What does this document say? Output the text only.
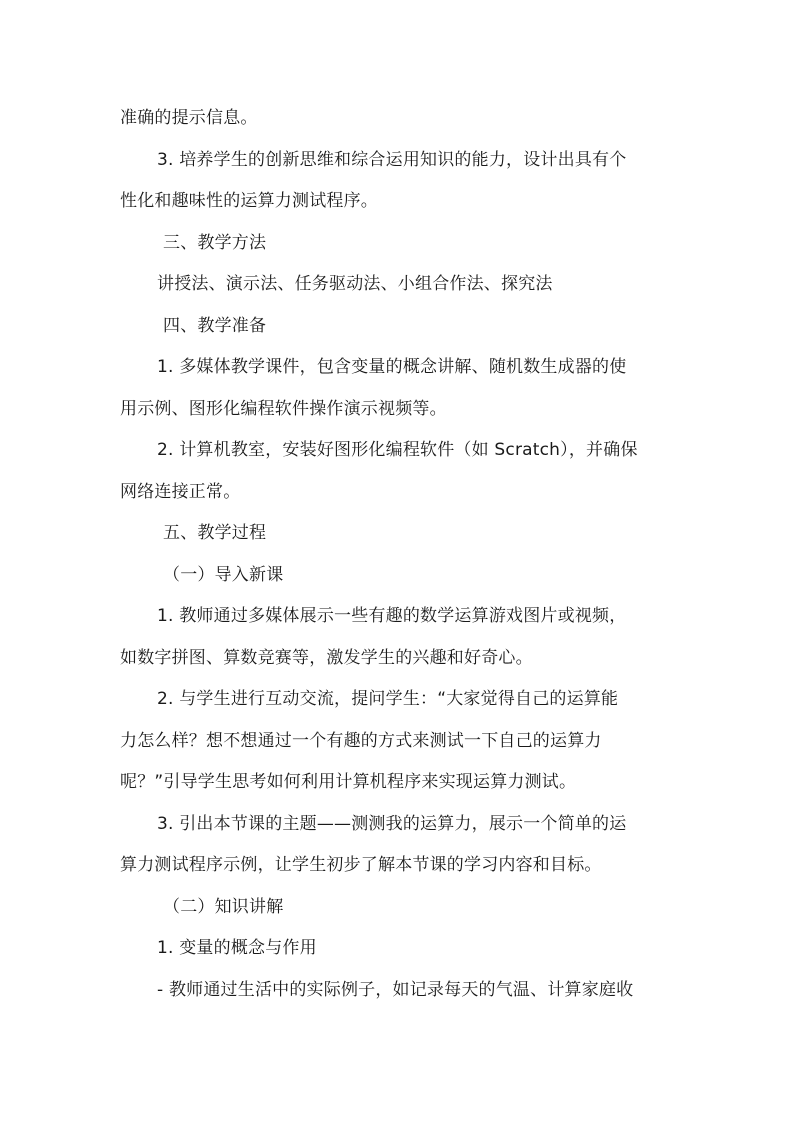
准确的提示信息。
3. 培养学生的创新思维和综合运用知识的能力，设计出具有个
性化和趣味性的运算力测试程序。
三、教学方法
讲授法、演示法、任务驱动法、小组合作法、探究法
四、教学准备
1. 多媒体教学课件，包含变量的概念讲解、随机数生成器的使
用示例、图形化编程软件操作演示视频等。
2. 计算机教室，安装好图形化编程软件（如 Scratch），并确保
网络连接正常。
五、教学过程
（一）导入新课
1. 教师通过多媒体展示一些有趣的数学运算游戏图片或视频，
如数字拼图、算数竞赛等，激发学生的兴趣和好奇心。
2. 与学生进行互动交流，提问学生：“大家觉得自己的运算能
力怎么样？想不想通过一个有趣的方式来测试一下自己的运算力
呢？”引导学生思考如何利用计算机程序来实现运算力测试。
3. 引出本节课的主题——测测我的运算力，展示一个简单的运
算力测试程序示例，让学生初步了解本节课的学习内容和目标。
（二）知识讲解
1. 变量的概念与作用
- 教师通过生活中的实际例子，如记录每天的气温、计算家庭收
